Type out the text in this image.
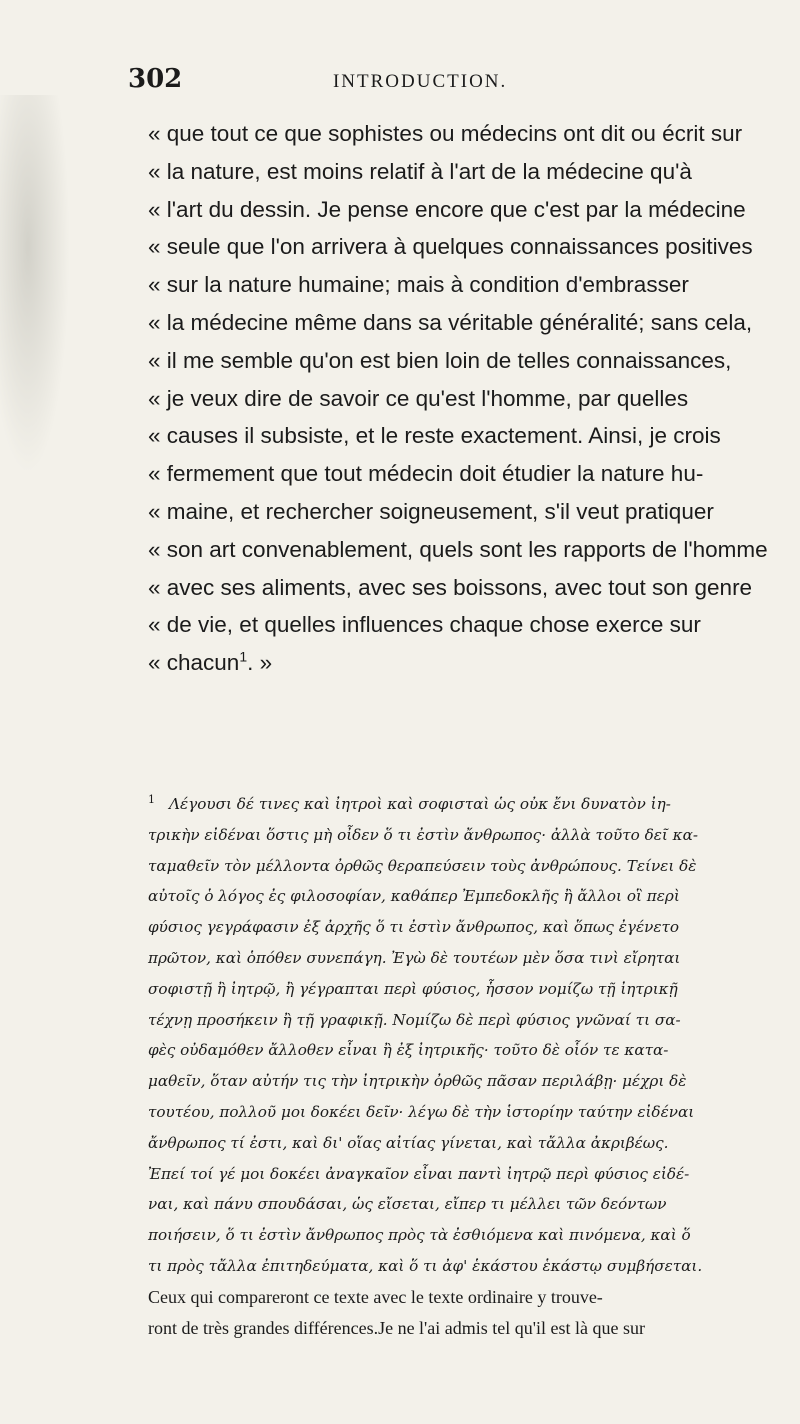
302	INTRODUCTION.
« que tout ce que sophistes ou médecins ont dit ou écrit sur
« la nature, est moins relatif à l'art de la médecine qu'à
« l'art du dessin. Je pense encore que c'est par la médecine
« seule que l'on arrivera à quelques connaissances positives
« sur la nature humaine; mais à condition d'embrasser
« la médecine même dans sa véritable généralité; sans cela,
« il me semble qu'on est bien loin de telles connaissances,
« je veux dire de savoir ce qu'est l'homme, par quelles
« causes il subsiste, et le reste exactement. Ainsi, je crois
« fermement que tout médecin doit étudier la nature hu-
« maine, et rechercher soigneusement, s'il veut pratiquer
« son art convenablement, quels sont les rapports de l'homme
« avec ses aliments, avec ses boissons, avec tout son genre
« de vie, et quelles influences chaque chose exerce sur
« chacun$^1$. »
$^1$ Λέγουσι δέ τινες καὶ ἰητροὶ καὶ σοφισταὶ ὡς οὐκ ἔνι δυνατὸν ἰη-
τρικὴν εἰδέναι ὅστις μὴ οἶδεν ὅ τι ἐστὶν ἄνθρωπος· ἀλλὰ τοῦτο δεῖ κα-
ταμαθεῖν τὸν μέλλοντα ὀρθῶς θεραπεύσειν τοὺς ἀνθρώπους. Τείνει δὲ
αὐτοῖς ὁ λόγος ἐς φιλοσοφίαν, καθάπερ Ἐμπεδοκλῆς ἢ ἄλλοι οἳ περὶ
φύσιος γεγράφασιν ἐξ ἀρχῆς ὅ τι ἐστὶν ἄνθρωπος, καὶ ὅπως ἐγένετο
πρῶτον, καὶ ὁπόθεν συνεπάγη. Ἐγὼ δὲ τουτέων μὲν ὅσα τινὶ εἴρηται
σοφιστῇ ἢ ἰητρῷ, ἢ γέγραπται περὶ φύσιος, ἧσσον νομίζω τῇ ἰητρικῇ
τέχνῃ προσήκειν ἢ τῇ γραφικῇ. Νομίζω δὲ περὶ φύσιος γνῶναί τι σα-
φὲς οὐδαμόθεν ἄλλοθεν εἶναι ἢ ἐξ ἰητρικῆς· τοῦτο δὲ οἷόν τε κατα-
μαθεῖν, ὅταν αὐτήν τις τὴν ἰητρικὴν ὀρθῶς πᾶσαν περιλάβῃ· μέχρι δὲ
τουτέου, πολλοῦ μοι δοκέει δεῖν· λέγω δὲ τὴν ἱστορίην ταύτην εἰδέναι
ἄνθρωπος τί ἐστι, καὶ δι' οἵας αἰτίας γίνεται, καὶ τἄλλα ἀκριβέως.
Ἐπεί τοί γέ μοι δοκέει ἀναγκαῖον εἶναι παντὶ ἰητρῷ περὶ φύσιος εἰδέ-
ναι, καὶ πάνυ σπουδάσαι, ὡς εἴσεται, εἴπερ τι μέλλει τῶν δεόντων
ποιήσειν, ὅ τι ἐστὶν ἄνθρωπος πρὸς τὰ ἐσθιόμενα καὶ πινόμενα, καὶ ὅ
τι πρὸς τἄλλα ἐπιτηδεύματα, καὶ ὅ τι ἀφ' ἑκάστου ἑκάστῳ συμβήσεται.
Ceux qui compareront ce texte avec le texte ordinaire y trouve-
ront de très grandes différences.Je ne l'ai admis tel qu'il est là que sur
